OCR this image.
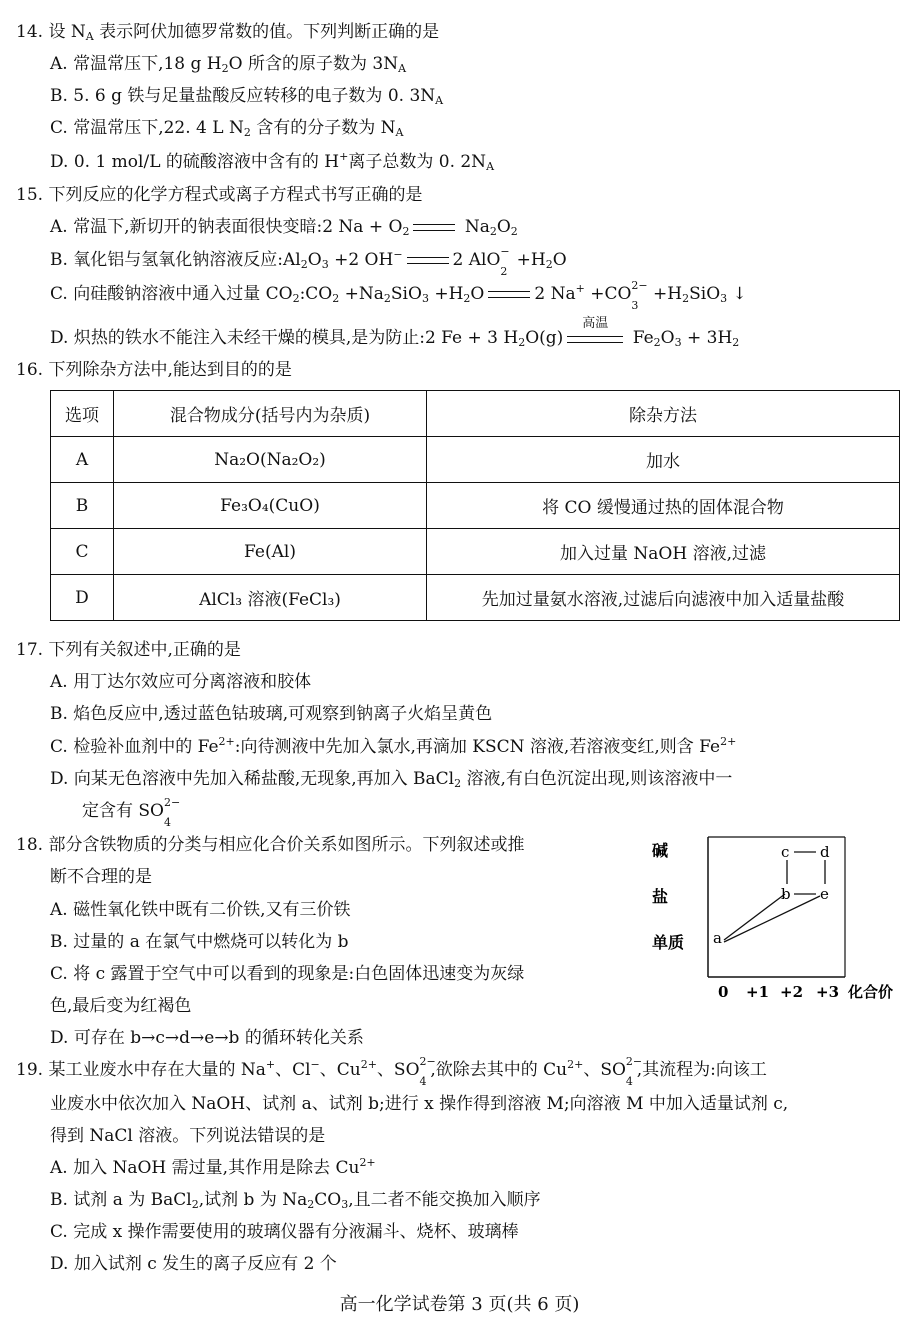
14. 设 $N_A$ 表示阿伏加德罗常数的值。下列判断正确的是
A. 常温常压下,18 g $H_2O$ 所含的原子数为 $3N_A$
B. 5. 6 g 铁与足量盐酸反应转移的电子数为 0. $3N_A$
C. 常温常压下,22. 4 L $N_2$ 含有的分子数为 $N_A$
D. 0. 1 mol/L 的硫酸溶液中含有的 H+离子总数为 0. $2N_A$
15. 下列反应的化学方程式或离子方程式书写正确的是
A. 常温下,新切开的钠表面很快变暗:2 $Na + O_2$	$Na_2O_2$
B. 氧化铝与氢氧化钠溶液反应$:Al_2O_3 +2$ OH−	2 AlO −
2
$+H_2O$
C. 向硅酸钠溶液中通入过量 $CO_2:CO_2 +Na_2SiO_3 +H_2O$	2 Na+ +CO 2−
3
$+H_2SiO_3$ ↓
D. 炽热的铁水不能注入未经干燥的模具,是为防止:2 Fe + 3 $H_2O(g)$
高温
$Fe_2O_3 + 3H_2$
16. 下列除杂方法中,能达到目的的是
选项	混合物成分(括号内为杂质)	除杂方法
A	Na₂O(Na₂O₂)	加水
B	Fe₃O₄(CuO)	将 CO 缓慢通过热的固体混合物
C	Fe(Al)	加入过量 NaOH 溶液,过滤
D	AlCl₃ 溶液(FeCl₃)	先加过量氨水溶液,过滤后向滤液中加入适量盐酸
17. 下列有关叙述中,正确的是
A. 用丁达尔效应可分离溶液和胶体
B. 焰色反应中,透过蓝色钴玻璃,可观察到钠离子火焰呈黄色
C. 检验补血剂中的 $Fe^{2+}$:向待测液中先加入氯水,再滴加 KSCN 溶液,若溶液变红,则含 $Fe^{2+}$
D. 向某无色溶液中先加入稀盐酸,无现象,再加入 BaCl$_2$ 溶液,有白色沉淀出现,则该溶液中一
定含有 SO 2−
4

18. 部分含铁物质的分类与相应化合价关系如图所示。下列叙述或推
断不合理的是
A. 磁性氧化铁中既有二价铁,又有三价铁
B. 过量的 a 在氯气中燃烧可以转化为 b
C. 将 c 露置于空气中可以看到的现象是:白色固体迅速变为灰绿
色,最后变为红褐色
D. 可存在 b→c→d→e→b 的循环转化关系
碱
盐
单质
0 +1 +2 +3 化合价
a
b
c d
e
19. 某工业废水中存在大量的 Na+、Cl−、$Cu^{2+}$、SO 2−
4
,欲除去其中的 $Cu^{2+}$、SO 2−
4
,其流程为:向该工
业废水中依次加入 NaOH、试剂 a、试剂 b;进行 x 操作得到溶液 M;向溶液 M 中加入适量试剂 c,
得到 NaCl 溶液。下列说法错误的是
A. 加入 NaOH 需过量,其作用是除去 $Cu^{2+}$
B. 试剂 a 为 BaCl$_2$,试剂 b 为 $Na_2CO_3$,且二者不能交换加入顺序
C. 完成 x 操作需要使用的玻璃仪器有分液漏斗、烧杯、玻璃棒
D. 加入试剂 c 发生的离子反应有 2 个
高一化学试卷第 3 页(共 6 页)
